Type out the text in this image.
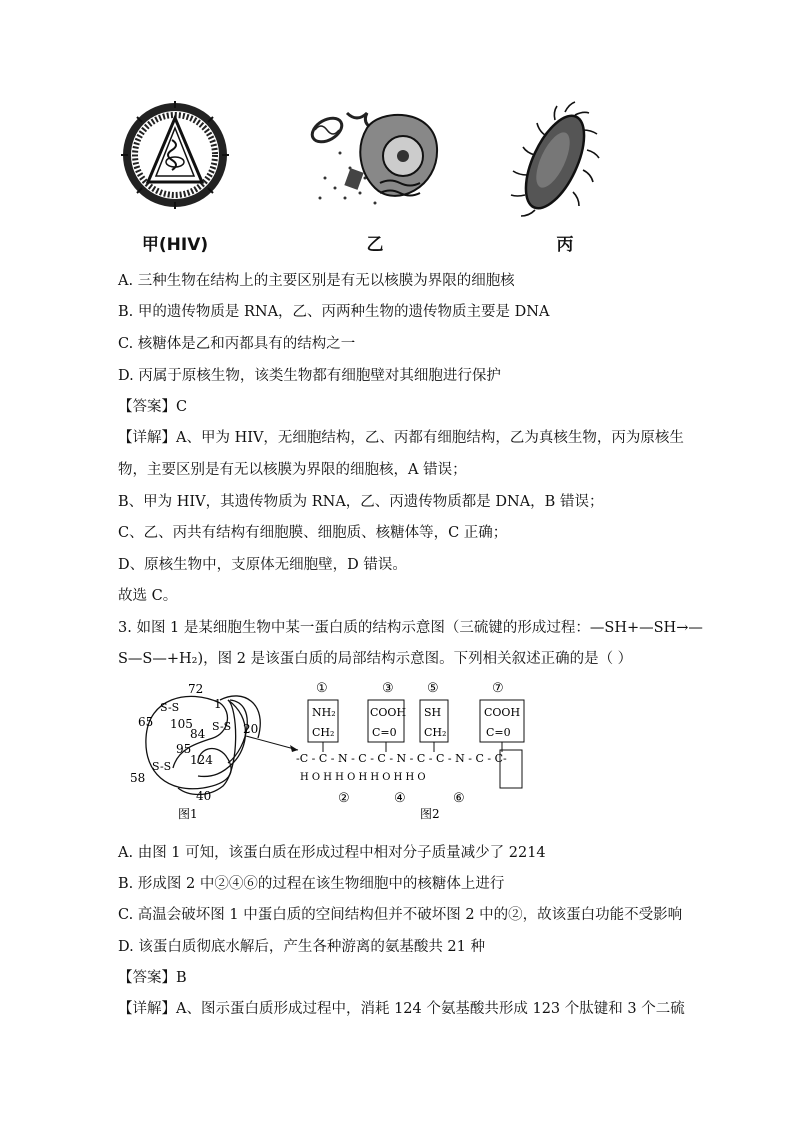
甲(HIV)	乙	丙
A. 三种生物在结构上的主要区别是有无以核膜为界限的细胞核
B. 甲的遗传物质是 RNA，乙、丙两种生物的遗传物质主要是 DNA
C. 核糖体是乙和丙都具有的结构之一
D. 丙属于原核生物，该类生物都有细胞壁对其细胞进行保护
【答案】C
【详解】A、甲为 HIV，无细胞结构，乙、丙都有细胞结构，乙为真核生物，丙为原核生
物，主要区别是有无以核膜为界限的细胞核，A 错误；
B、甲为 HIV，其遗传物质为 RNA，乙、丙遗传物质都是 DNA，B 错误；
C、乙、丙共有结构有细胞膜、细胞质、核糖体等，C 正确；
D、原核生物中，支原体无细胞壁，D 错误。
故选 C。
3. 如图 1 是某细胞生物中某一蛋白质的结构示意图（三硫键的形成过程：—SH+—SH→—
S—S—+H₂)，图 2 是该蛋白质的局部结构示意图。下列相关叙述正确的是（ ）
72
1
65 105
84	20
95
124
58
40
S-S
S-S
S-S
图1
①	③	⑤	⑦
NH₂
CH₂
COOH
C=0
SH
CH₂
COOH
C=0
-C - C - N - C - C - N - C - C - N - C - C-
H O H H O H H O H H O
②	④	⑥
图2
A. 由图 1 可知，该蛋白质在形成过程中相对分子质量减少了 2214
B. 形成图 2 中②④⑥的过程在该生物细胞中的核糖体上进行
C. 高温会破坏图 1 中蛋白质的空间结构但并不破坏图 2 中的②，故该蛋白功能不受影响
D. 该蛋白质彻底水解后，产生各种游离的氨基酸共 21 种
【答案】B
【详解】A、图示蛋白质形成过程中，消耗 124 个氨基酸共形成 123 个肽键和 3 个二硫
